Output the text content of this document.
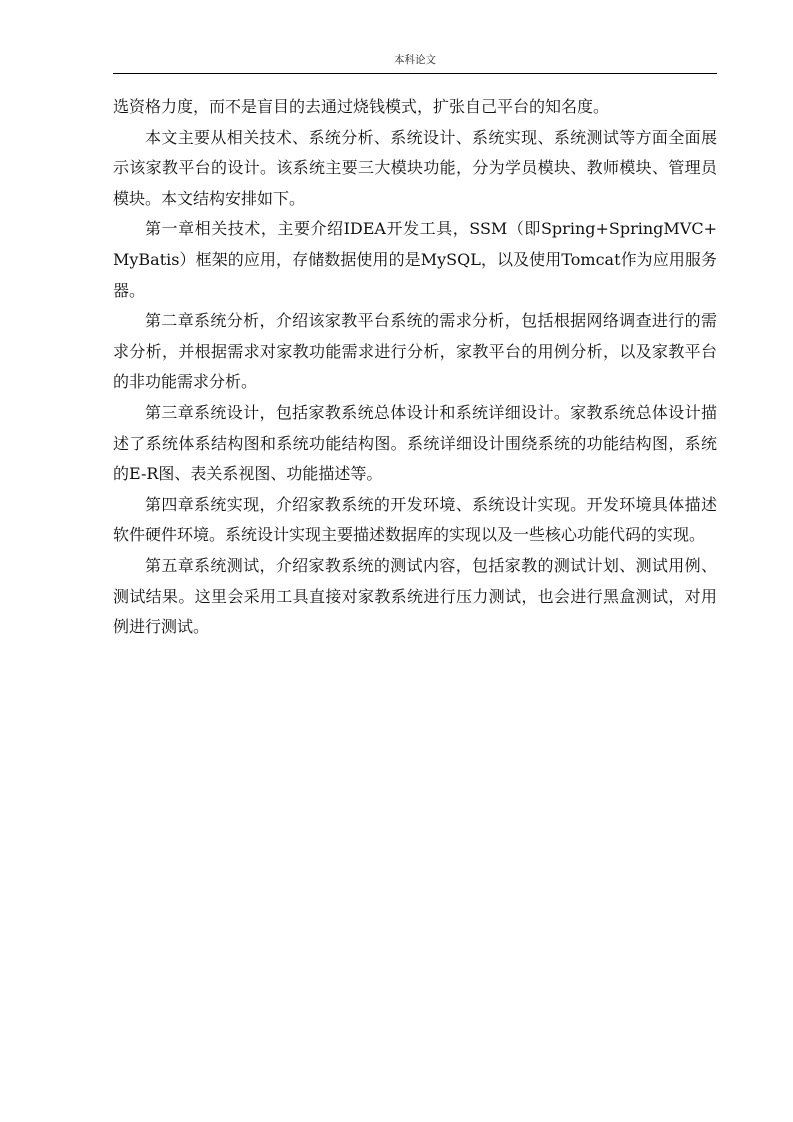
本科论文

选资格力度，而不是盲目的去通过烧钱模式，扩张自己平台的知名度。

本文主要从相关技术、系统分析、系统设计、系统实现、系统测试等方面全面展示该家教平台的设计。该系统主要三大模块功能，分为学员模块、教师模块、管理员模块。本文结构安排如下。

第一章相关技术，主要介绍IDEA开发工具，SSM（即Spring+SpringMVC+MyBatis）框架的应用，存储数据使用的是MySQL，以及使用Tomcat作为应用服务器。

第二章系统分析，介绍该家教平台系统的需求分析，包括根据网络调查进行的需求分析，并根据需求对家教功能需求进行分析，家教平台的用例分析，以及家教平台的非功能需求分析。

第三章系统设计，包括家教系统总体设计和系统详细设计。家教系统总体设计描述了系统体系结构图和系统功能结构图。系统详细设计围绕系统的功能结构图，系统的E-R图、表关系视图、功能描述等。

第四章系统实现，介绍家教系统的开发环境、系统设计实现。开发环境具体描述软件硬件环境。系统设计实现主要描述数据库的实现以及一些核心功能代码的实现。

第五章系统测试，介绍家教系统的测试内容，包括家教的测试计划、测试用例、测试结果。这里会采用工具直接对家教系统进行压力测试，也会进行黑盒测试，对用例进行测试。
